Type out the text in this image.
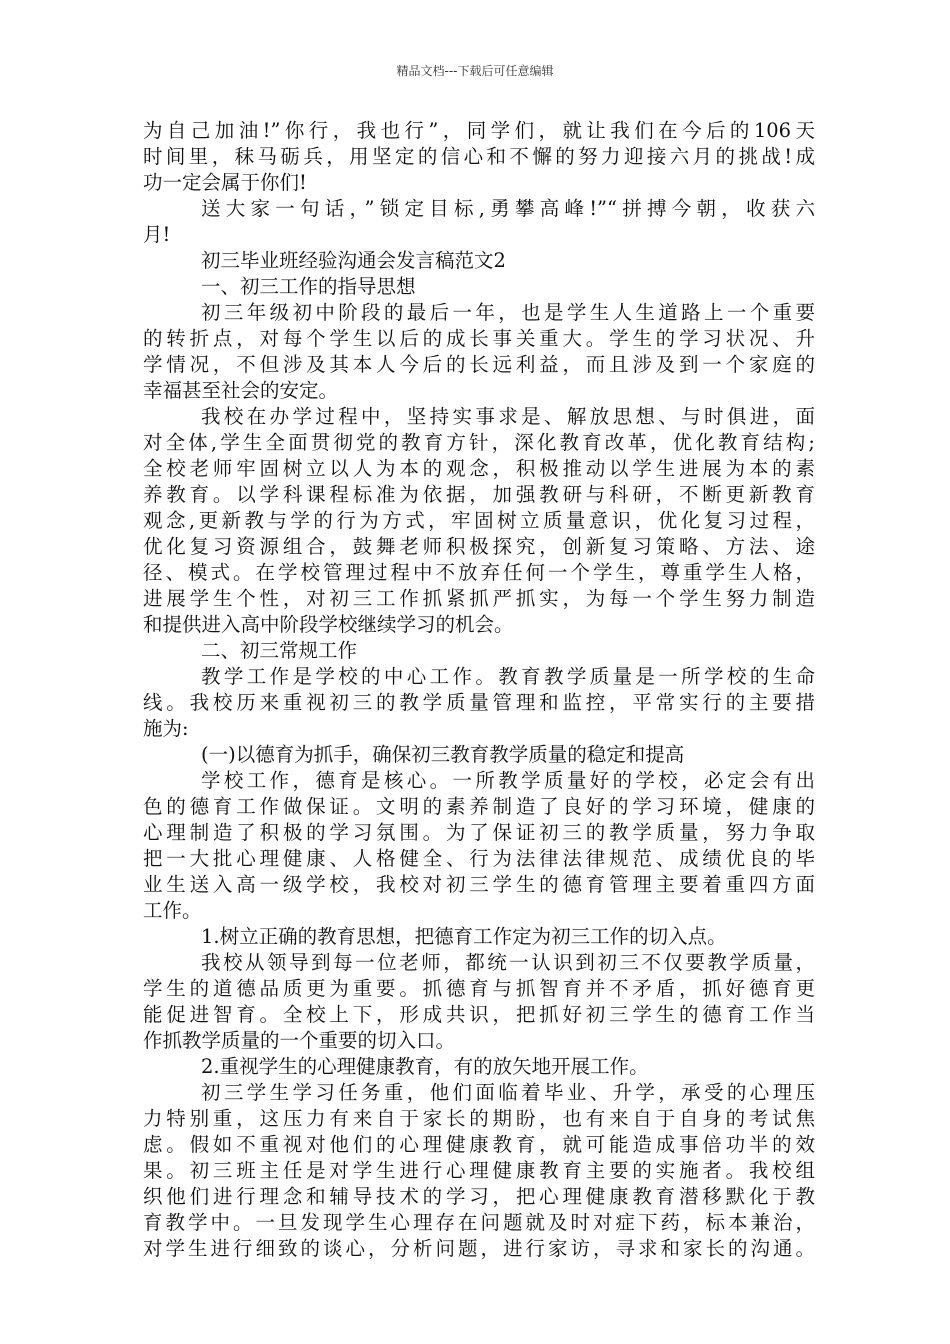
精品文档---下载后可任意编辑
为自己加油!”你行，我也行”，同学们，就让我们在今后的106天
时间里，秣马砺兵，用坚定的信心和不懈的努力迎接六月的挑战!成
功一定会属于你们!
送大家一句话，”锁定目标,勇攀高峰!”“拼搏今朝，收获六
月!
初三毕业班经验沟通会发言稿范文2
一、初三工作的指导思想
初三年级初中阶段的最后一年，也是学生人生道路上一个重要
的转折点，对每个学生以后的成长事关重大。学生的学习状况、升
学情况，不但涉及其本人今后的长远利益，而且涉及到一个家庭的
幸福甚至社会的安定。
我校在办学过程中，坚持实事求是、解放思想、与时俱进，面
对全体,学生全面贯彻党的教育方针，深化教育改革，优化教育结构;
全校老师牢固树立以人为本的观念，积极推动以学生进展为本的素
养教育。以学科课程标准为依据，加强教研与科研，不断更新教育
观念,更新教与学的行为方式，牢固树立质量意识，优化复习过程，
优化复习资源组合，鼓舞老师积极探究，创新复习策略、方法、途
径、模式。在学校管理过程中不放弃任何一个学生，尊重学生人格，
进展学生个性，对初三工作抓紧抓严抓实，为每一个学生努力制造
和提供进入高中阶段学校继续学习的机会。
二、初三常规工作
教学工作是学校的中心工作。教育教学质量是一所学校的生命
线。我校历来重视初三的教学质量管理和监控，平常实行的主要措
施为:
(一)以德育为抓手，确保初三教育教学质量的稳定和提高
学校工作，德育是核心。一所教学质量好的学校，必定会有出
色的德育工作做保证。文明的素养制造了良好的学习环境，健康的
心理制造了积极的学习氛围。为了保证初三的教学质量，努力争取
把一大批心理健康、人格健全、行为法律法律规范、成绩优良的毕
业生送入高一级学校，我校对初三学生的德育管理主要着重四方面
工作。
1.树立正确的教育思想，把德育工作定为初三工作的切入点。
我校从领导到每一位老师，都统一认识到初三不仅要教学质量，
学生的道德品质更为重要。抓德育与抓智育并不矛盾，抓好德育更
能促进智育。全校上下，形成共识，把抓好初三学生的德育工作当
作抓教学质量的一个重要的切入口。
2.重视学生的心理健康教育，有的放矢地开展工作。
初三学生学习任务重，他们面临着毕业、升学，承受的心理压
力特别重，这压力有来自于家长的期盼，也有来自于自身的考试焦
虑。假如不重视对他们的心理健康教育，就可能造成事倍功半的效
果。初三班主任是对学生进行心理健康教育主要的实施者。我校组
织他们进行理念和辅导技术的学习，把心理健康教育潜移默化于教
育教学中。一旦发现学生心理存在问题就及时对症下药，标本兼治，
对学生进行细致的谈心，分析问题，进行家访，寻求和家长的沟通。
